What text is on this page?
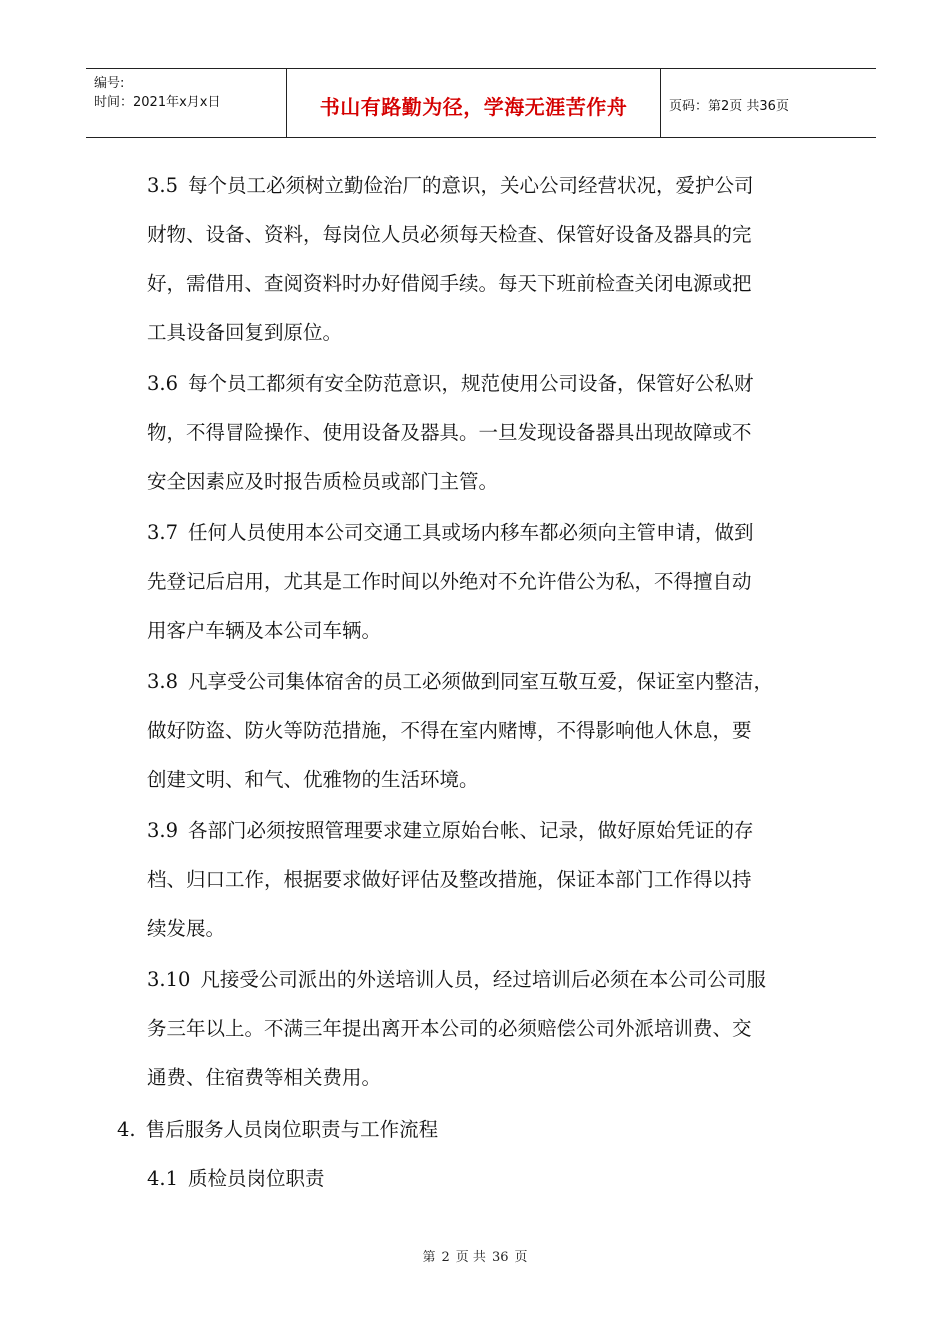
编号:
时间：2021年x月x日	书山有路勤为径，学海无涯苦作舟	页码：第2页 共36页
3.5 每个员工必须树立勤俭治厂的意识，关心公司经营状况，爱护公司
财物、设备、资料，每岗位人员必须每天检查、保管好设备及器具的完
好，需借用、查阅资料时办好借阅手续。每天下班前检查关闭电源或把
工具设备回复到原位。
3.6 每个员工都须有安全防范意识，规范使用公司设备，保管好公私财
物，不得冒险操作、使用设备及器具。一旦发现设备器具出现故障或不
安全因素应及时报告质检员或部门主管。
3.7 任何人员使用本公司交通工具或场内移车都必须向主管申请，做到
先登记后启用，尤其是工作时间以外绝对不允许借公为私，不得擅自动
用客户车辆及本公司车辆。
3.8 凡享受公司集体宿舍的员工必须做到同室互敬互爱，保证室内整洁，
做好防盗、防火等防范措施，不得在室内赌博，不得影响他人休息，要
创建文明、和气、优雅物的生活环境。
3.9 各部门必须按照管理要求建立原始台帐、记录，做好原始凭证的存
档、归口工作，根据要求做好评估及整改措施，保证本部门工作得以持
续发展。
3.10 凡接受公司派出的外送培训人员，经过培训后必须在本公司公司服
务三年以上。不满三年提出离开本公司的必须赔偿公司外派培训费、交
通费、住宿费等相关费用。
4. 售后服务人员岗位职责与工作流程
4.1 质检员岗位职责
第 2 页 共 36 页
